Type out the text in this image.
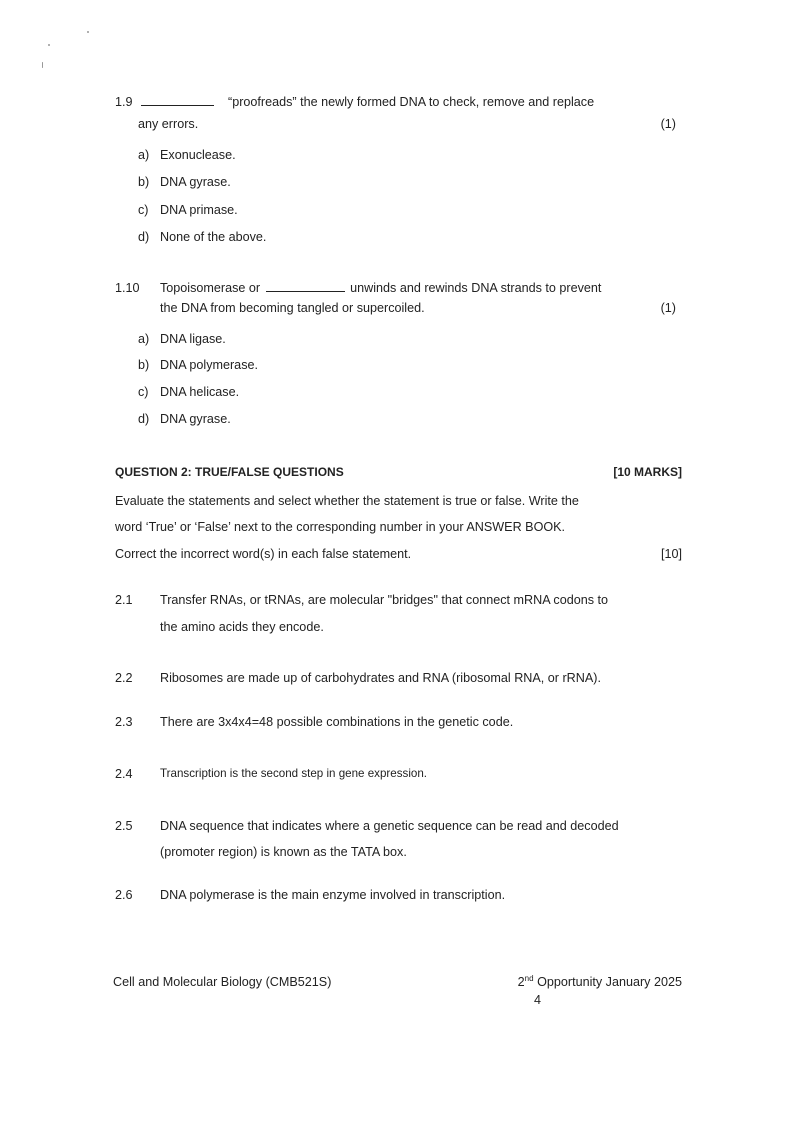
1.9	“proofreads” the newly formed DNA to check, remove and replace
any errors.	(1)
a) Exonuclease.
b) DNA gyrase.
c) DNA primase.
d) None of the above.
1.10 Topoisomerase or	unwinds and rewinds DNA strands to prevent
the DNA from becoming tangled or supercoiled.	(1)
a) DNA ligase.
b) DNA polymerase.
c) DNA helicase.
d) DNA gyrase.
QUESTION 2: TRUE/FALSE QUESTIONS	[10 MARKS]
Evaluate the statements and select whether the statement is true or false. Write the
word ‘True’ or ‘False’ next to the corresponding number in your ANSWER BOOK.
Correct the incorrect word(s) in each false statement.	[10]
2.1 Transfer RNAs, or tRNAs, are molecular "bridges" that connect mRNA codons to
the amino acids they encode.
2.2 Ribosomes are made up of carbohydrates and RNA (ribosomal RNA, or rRNA).
2.3 There are 3x4x4=48 possible combinations in the genetic code.
2.4 Transcription is the second step in gene expression.
2.5 DNA sequence that indicates where a genetic sequence can be read and decoded
(promoter region) is known as the TATA box.
2.6 DNA polymerase is the main enzyme involved in transcription.
Cell and Molecular Biology (CMB521S)	2nd Opportunity January 2025
4
